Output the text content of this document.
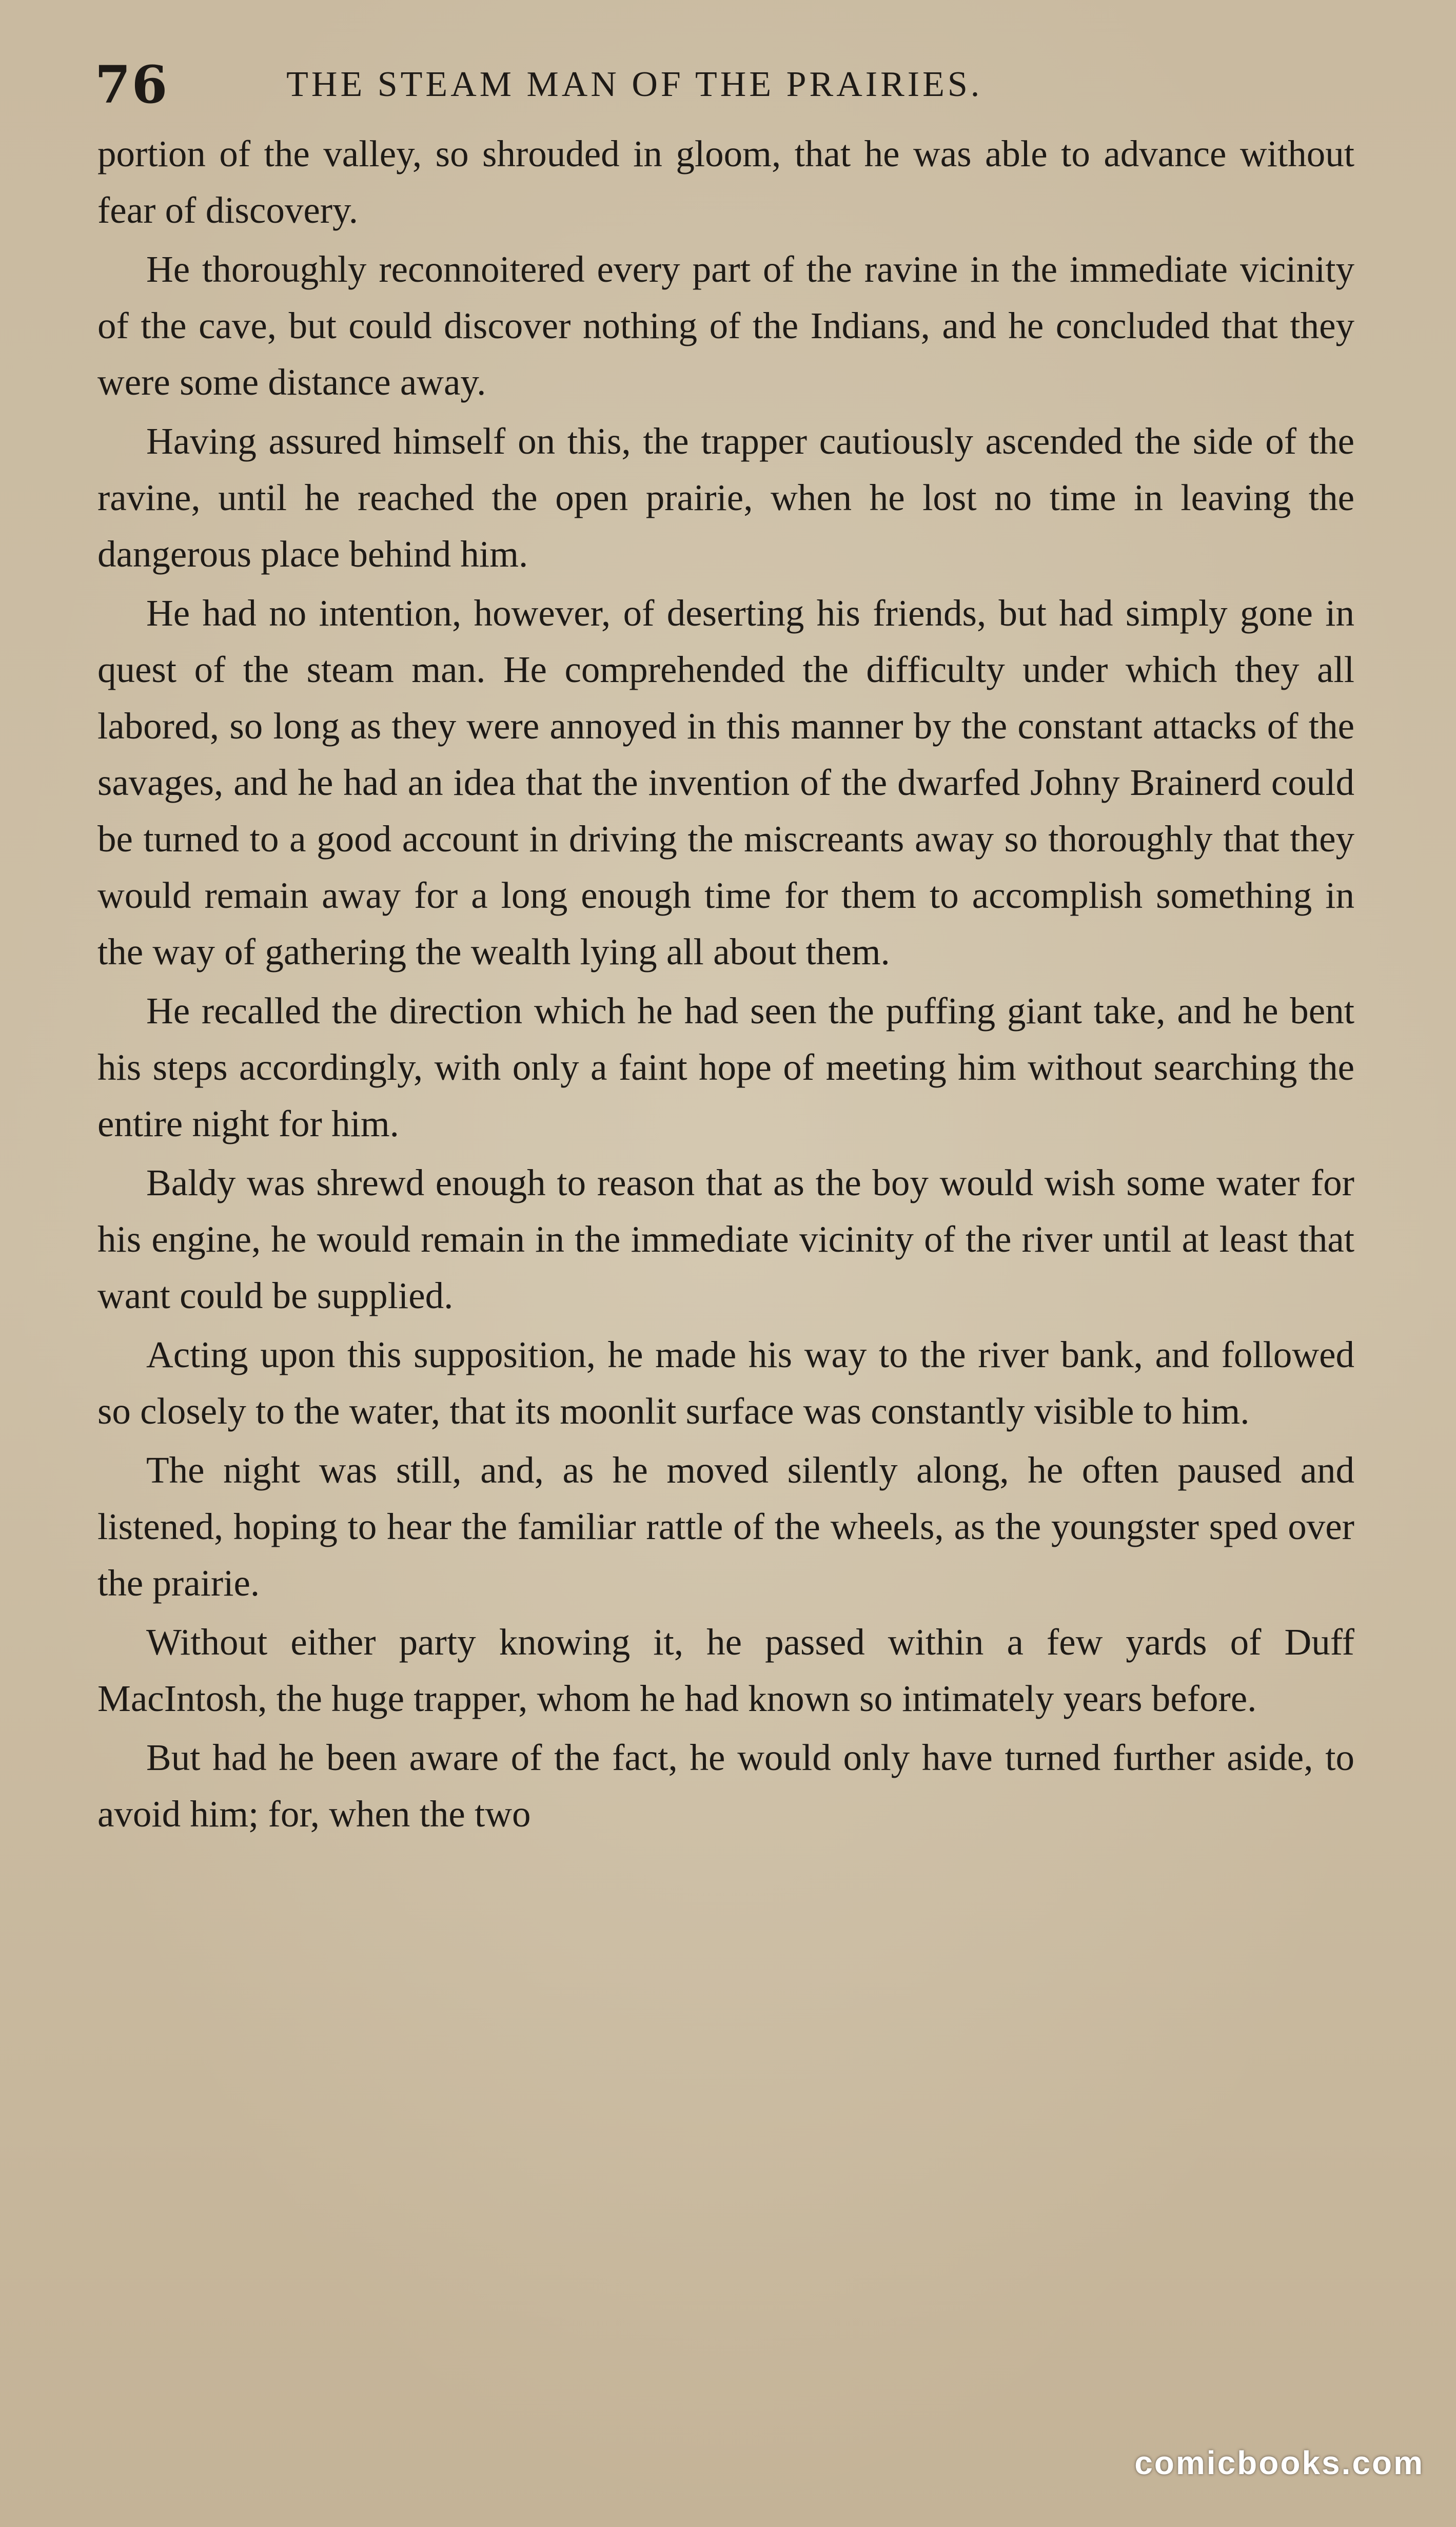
76	THE STEAM MAN OF THE PRAIRIES.

portion of the valley, so shrouded in gloom, that he was able to advance without fear of discovery.

He thoroughly reconnoitered every part of the ravine in the immediate vicinity of the cave, but could discover nothing of the Indians, and he concluded that they were some distance away.

Having assured himself on this, the trapper cautiously ascended the side of the ravine, until he reached the open prairie, when he lost no time in leaving the dangerous place behind him.

He had no intention, however, of deserting his friends, but had simply gone in quest of the steam man. He comprehended the difficulty under which they all labored, so long as they were annoyed in this manner by the constant attacks of the savages, and he had an idea that the invention of the dwarfed Johny Brainerd could be turned to a good account in driving the miscreants away so thoroughly that they would remain away for a long enough time for them to accomplish something in the way of gathering the wealth lying all about them.

He recalled the direction which he had seen the puffing giant take, and he bent his steps accordingly, with only a faint hope of meeting him without searching the entire night for him.

Baldy was shrewd enough to reason that as the boy would wish some water for his engine, he would remain in the immediate vicinity of the river until at least that want could be supplied.

Acting upon this supposition, he made his way to the river bank, and followed so closely to the water, that its moonlit surface was constantly visible to him.

The night was still, and, as he moved silently along, he often paused and listened, hoping to hear the familiar rattle of the wheels, as the youngster sped over the prairie.

Without either party knowing it, he passed within a few yards of Duff MacIntosh, the huge trapper, whom he had known so intimately years before.

But had he been aware of the fact, he would only have turned further aside, to avoid him; for, when the two

comicbooks.com
